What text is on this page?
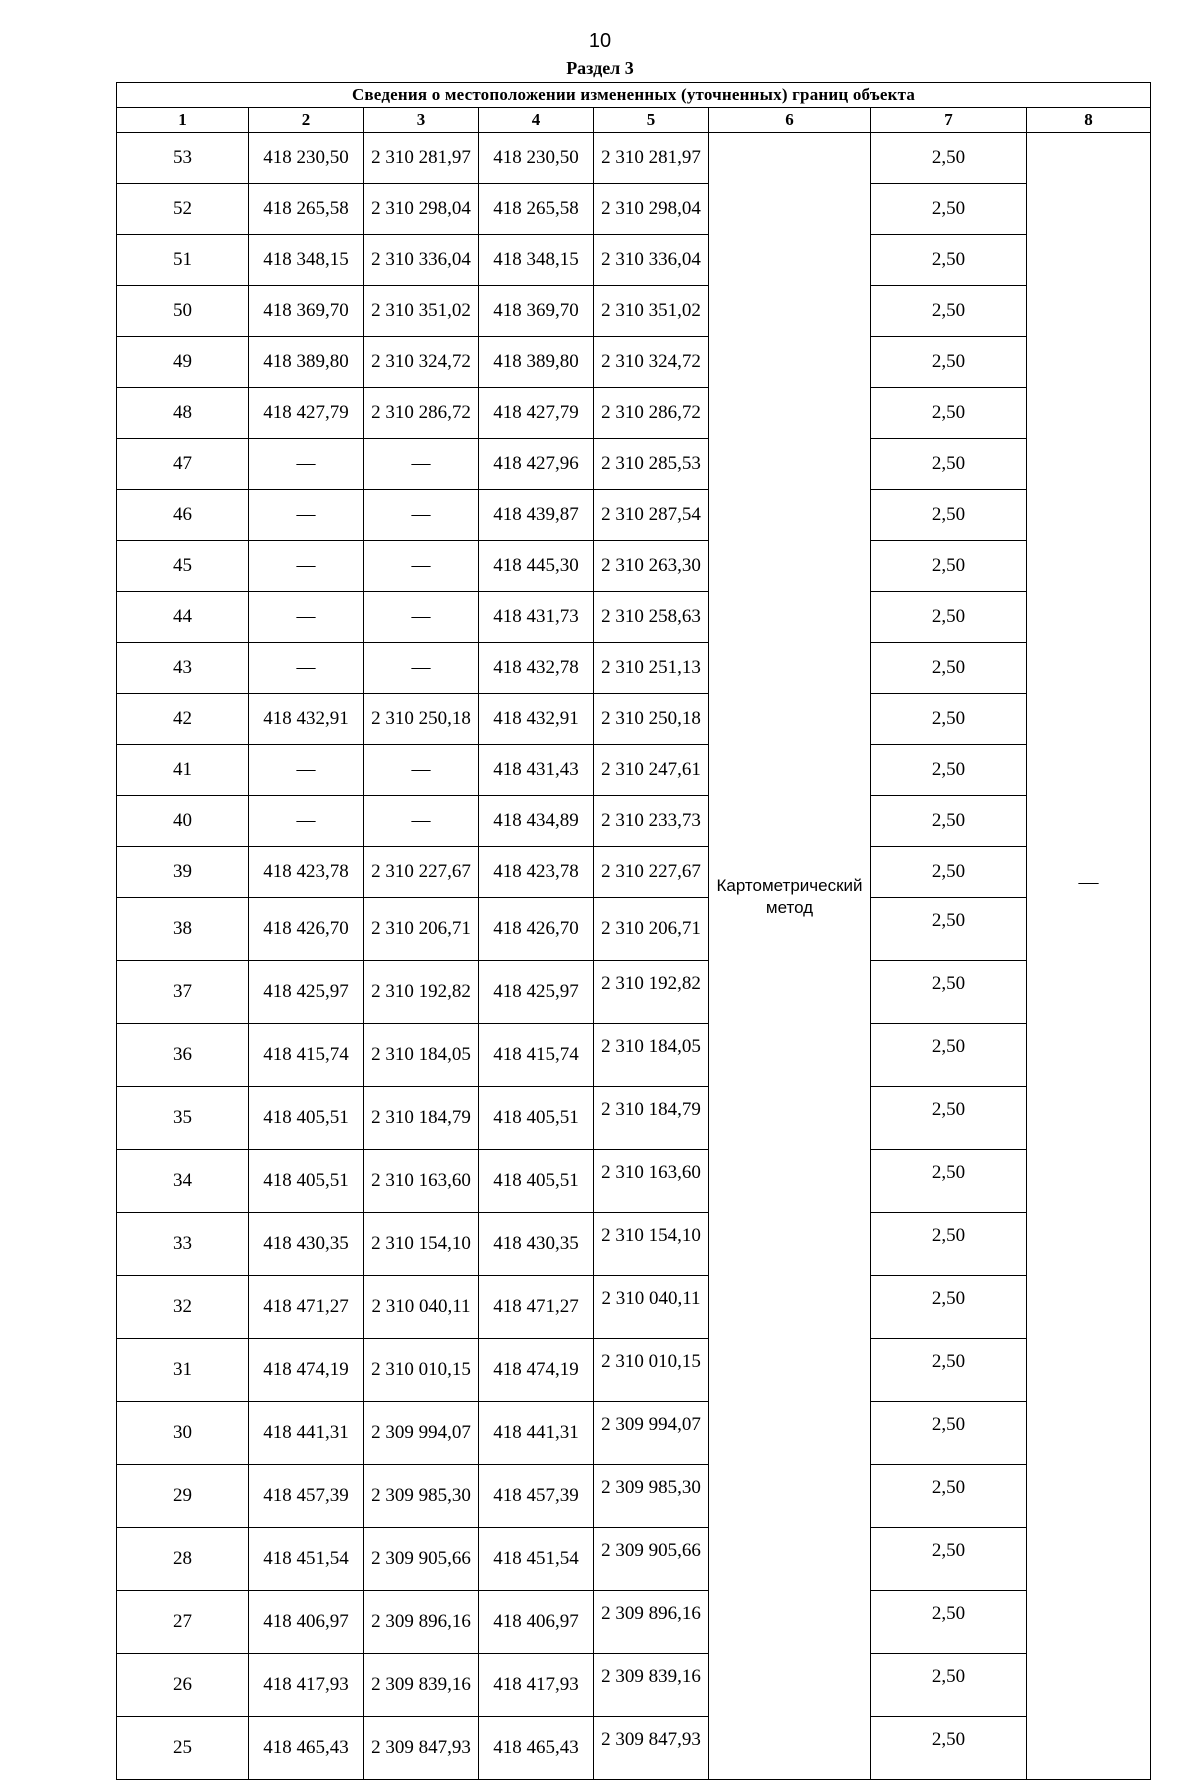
10
Раздел 3
Сведения о местоположении измененных (уточненных) границ объекта							
1	2	3	4	5	6	7	8
53	418 230,50	2 310 281,97	418 230,50	2 310 281,97	Картометрический метод	2,50	—

52	418 265,58	2 310 298,04	418 265,58	2 310 298,04		2,50	
51	418 348,15	2 310 336,04	418 348,15	2 310 336,04		2,50	
50	418 369,70	2 310 351,02	418 369,70	2 310 351,02		2,50	
49	418 389,80	2 310 324,72	418 389,80	2 310 324,72		2,50	
48	418 427,79	2 310 286,72	418 427,79	2 310 286,72		2,50	
47	—	—	418 427,96	2 310 285,53		2,50	
46	—	—	418 439,87	2 310 287,54		2,50	
45	—	—	418 445,30	2 310 263,30		2,50	
44	—	—	418 431,73	2 310 258,63		2,50	
43	—	—	418 432,78	2 310 251,13		2,50	
42	418 432,91	2 310 250,18	418 432,91	2 310 250,18		2,50	
41	—	—	418 431,43	2 310 247,61		2,50	
40	—	—	418 434,89	2 310 233,73		2,50	
39	418 423,78	2 310 227,67	418 423,78	2 310 227,67		2,50	
38	418 426,70	2 310 206,71	418 426,70	2 310 206,71		2,50	
37	418 425,97	2 310 192,82	418 425,97	2 310 192,82		2,50	
36	418 415,74	2 310 184,05	418 415,74	2 310 184,05		2,50	
35	418 405,51	2 310 184,79	418 405,51	2 310 184,79		2,50	
34	418 405,51	2 310 163,60	418 405,51	2 310 163,60		2,50	
33	418 430,35	2 310 154,10	418 430,35	2 310 154,10		2,50	
32	418 471,27	2 310 040,11	418 471,27	2 310 040,11		2,50	
31	418 474,19	2 310 010,15	418 474,19	2 310 010,15		2,50	
30	418 441,31	2 309 994,07	418 441,31	2 309 994,07		2,50	
29	418 457,39	2 309 985,30	418 457,39	2 309 985,30		2,50	
28	418 451,54	2 309 905,66	418 451,54	2 309 905,66		2,50	
27	418 406,97	2 309 896,16	418 406,97	2 309 896,16		2,50	
26	418 417,93	2 309 839,16	418 417,93	2 309 839,16		2,50	
25	418 465,43	2 309 847,93	418 465,43	2 309 847,93		2,50	
